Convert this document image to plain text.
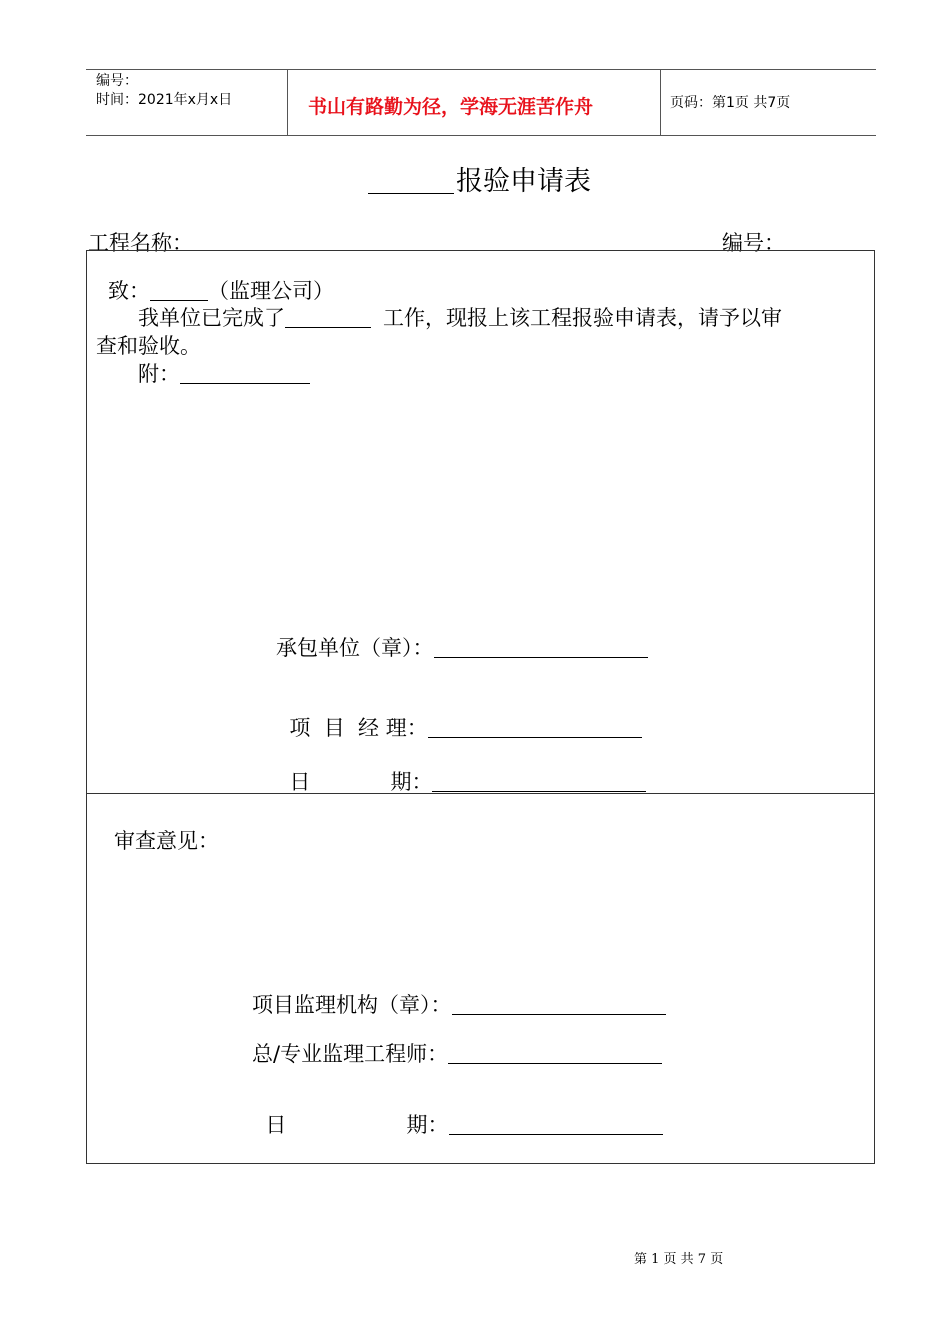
编号：
时间：2021年x月x日	书山有路勤为径，学海无涯苦作舟	页码：第1页 共7页
报验申请表
工程名称：	编号：
致：	（监理公司）
我单位已完成了	工作，现报上该工程报验申请表，请予以审
查和验收。
附：
承包单位（章）：

项  目  经 理：

日            期：

审查意见：
项目监理机构（章）：
总/专业监理工程师：

日                  期：

第 1 页 共 7 页
